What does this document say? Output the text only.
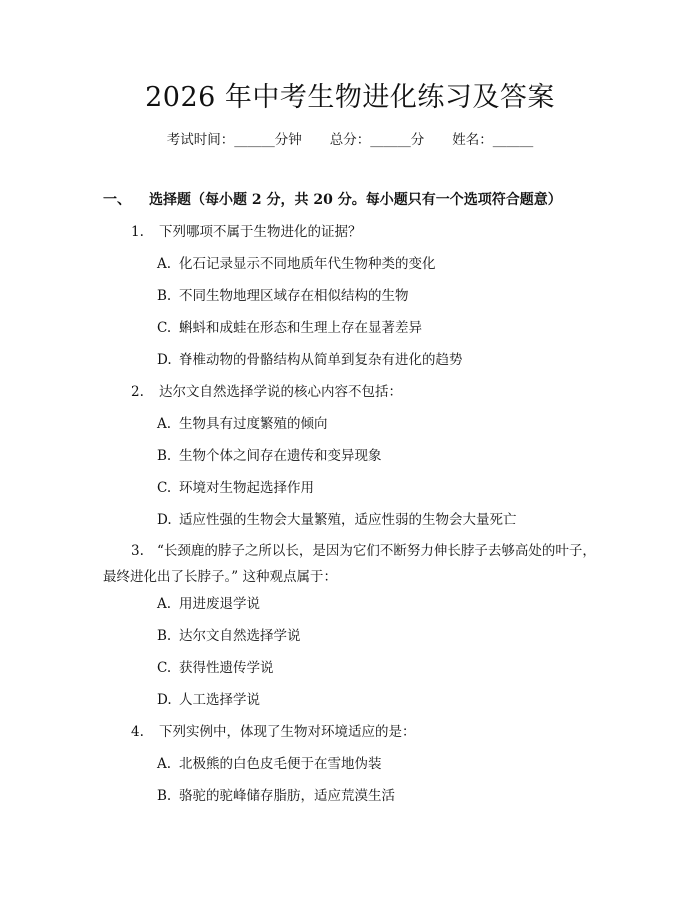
2026 年中考生物进化练习及答案
考试时间：______分钟 总分：______分 姓名：______
一、 选择题（每小题 2 分，共 20 分。每小题只有一个选项符合题意）
1. 下列哪项不属于生物进化的证据？
A. 化石记录显示不同地质年代生物种类的变化
B. 不同生物地理区域存在相似结构的生物
C. 蝌蚪和成蛙在形态和生理上存在显著差异
D. 脊椎动物的骨骼结构从简单到复杂有进化的趋势
2. 达尔文自然选择学说的核心内容不包括：
A. 生物具有过度繁殖的倾向
B. 生物个体之间存在遗传和变异现象
C. 环境对生物起选择作用
D. 适应性强的生物会大量繁殖，适应性弱的生物会大量死亡
3. “长颈鹿的脖子之所以长，是因为它们不断努力伸长脖子去够高处的叶子，最终进化出了长脖子。” 这种观点属于：
A. 用进废退学说
B. 达尔文自然选择学说
C. 获得性遗传学说
D. 人工选择学说
4. 下列实例中，体现了生物对环境适应的是：
A. 北极熊的白色皮毛便于在雪地伪装
B. 骆驼的驼峰储存脂肪，适应荒漠生活
